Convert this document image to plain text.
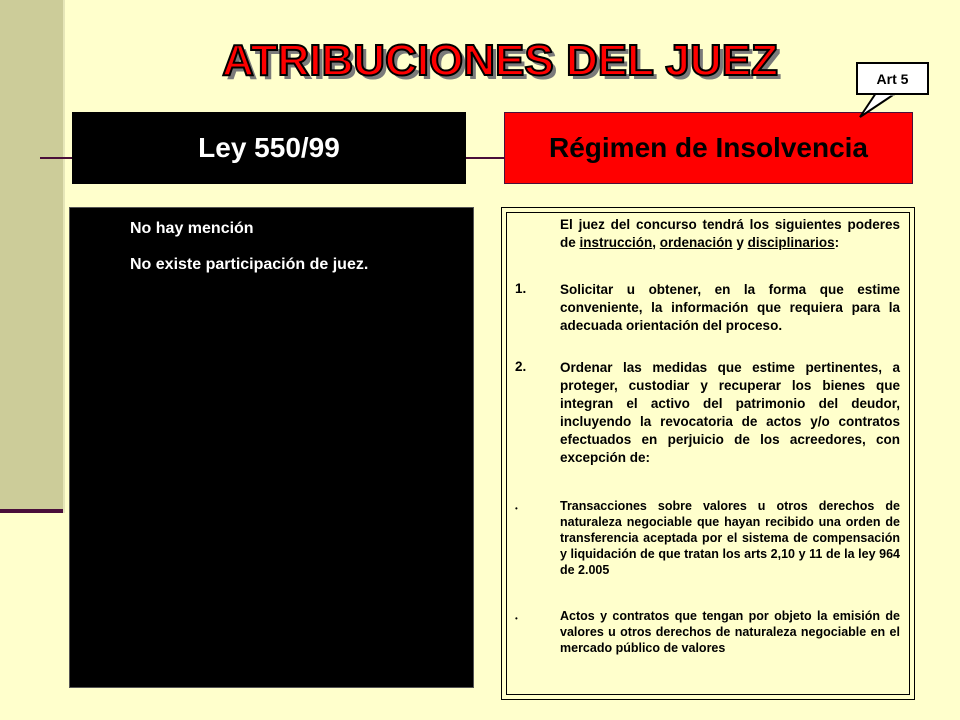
ATRIBUCIONES DEL JUEZ
Ley 550/99	Régimen de Insolvencia
Art 5

No hay mención

No existe participación de juez.

El juez del concurso tendrá los siguientes poderes de instrucción, ordenación y disciplinarios:

1. Solicitar u obtener, en la forma que estime conveniente, la información que requiera para la adecuada orientación del proceso.

2. Ordenar las medidas que estime pertinentes, a proteger, custodiar y recuperar los bienes que integran el activo del patrimonio del deudor, incluyendo la revocatoria de actos y/o contratos efectuados en perjuicio de los acreedores, con excepción de:

•	Transacciones sobre valores u otros derechos de naturaleza negociable que hayan recibido una orden de transferencia aceptada por el sistema de compensación y liquidación de que tratan los arts 2,10 y 11 de la ley 964 de 2.005

•	Actos y contratos que tengan por objeto la emisión de valores u otros derechos de naturaleza negociable en el mercado público de valores
